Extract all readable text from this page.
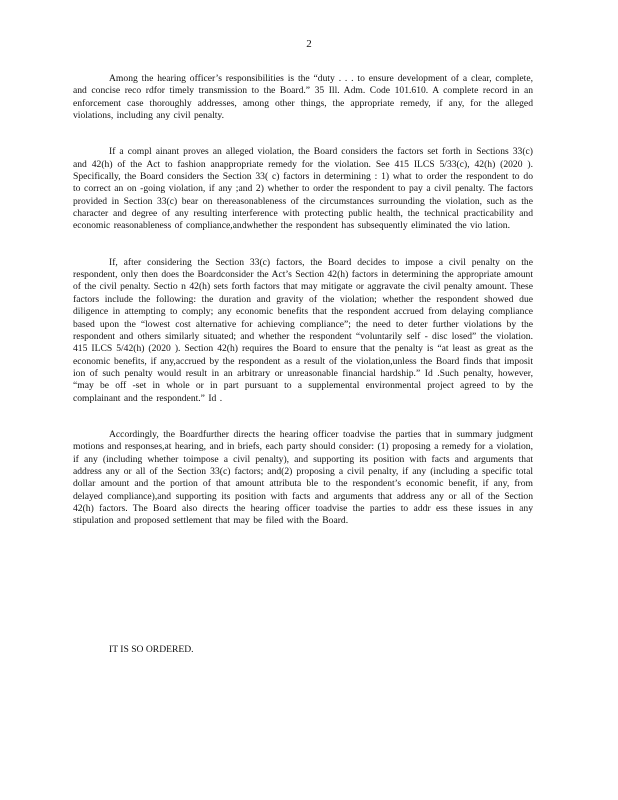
2

Among the hearing officer’s responsibilities is the “duty . . . to ensure development of a clear, complete, and concise reco rdfor timely transmission to the Board.” 35 Ill. Adm. Code 101.610. A complete record in an enforcement case thoroughly addresses, among other things, the appropriate remedy, if any, for the alleged violations, including any civil penalty.

If a compl ainant proves an alleged violation, the Board considers the factors set forth in Sections 33(c) and 42(h) of the Act to fashion anappropriate remedy for the violation. See 415 ILCS 5/33(c), 42(h) (2020 ). Specifically, the Board considers the Section 33( c) factors in determining : 1) what to order the respondent to do to correct an on -going violation, if any ;and 2) whether to order the respondent to pay a civil penalty. The factors provided in Section 33(c) bear on thereasonableness of the circumstances surrounding the violation, such as the character and degree of any resulting interference with protecting public health, the technical practicability and economic reasonableness of compliance,andwhether the respondent has subsequently eliminated the vio lation.

If, after considering the Section 33(c) factors, the Board decides to impose a civil penalty on the respondent, only then does the Boardconsider the Act’s Section 42(h) factors in determining the appropriate amount of the civil penalty. Sectio n 42(h) sets forth factors that may mitigate or aggravate the civil penalty amount. These factors include the following: the duration and gravity of the violation; whether the respondent showed due diligence in attempting to comply; any economic benefits that the respondent accrued from delaying compliance based upon the “lowest cost alternative for achieving compliance”; the need to deter further violations by the respondent and others similarly situated; and whether the respondent “voluntarily self - disc losed” the violation. 415 ILCS 5/42(h) (2020 ). Section 42(h) requires the Board to ensure that the penalty is “at least as great as the economic benefits, if any,accrued by the respondent as a result of the violation,unless the Board finds that imposit ion of such penalty would result in an arbitrary or unreasonable financial hardship.” Id .Such penalty, however, “may be off -set in whole or in part pursuant to a supplemental environmental project agreed to by the complainant and the respondent.” Id .

Accordingly, the Boardfurther directs the hearing officer toadvise the parties that in summary judgment motions and responses,at hearing, and in briefs, each party should consider: (1) proposing a remedy for a violation, if any (including whether toimpose a civil penalty), and supporting its position with facts and arguments that address any or all of the Section 33(c) factors; and(2) proposing a civil penalty, if any (including a specific total dollar amount and the portion of that amount attributa ble to the respondent’s economic benefit, if any, from delayed compliance),and supporting its position with facts and arguments that address any or all of the Section 42(h) factors. The Board also directs the hearing officer toadvise the parties to addr ess these issues in any stipulation and proposed settlement that may be filed with the Board.

IT IS SO ORDERED.
